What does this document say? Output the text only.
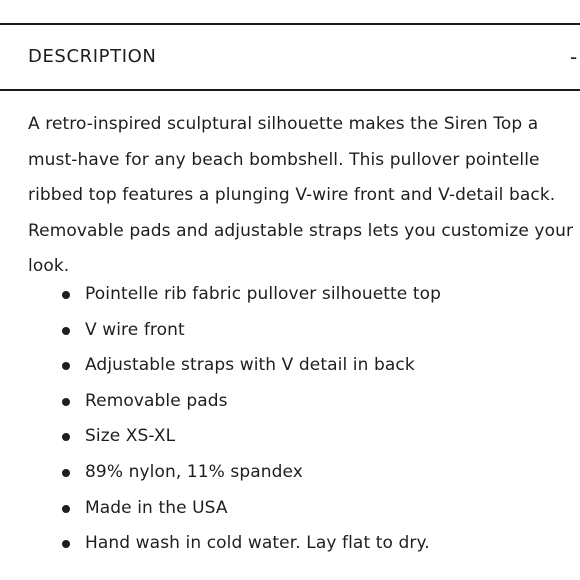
DESCRIPTION	-

A retro-inspired sculptural silhouette makes the Siren Top a must-have for any beach bombshell. This pullover pointelle ribbed top features a plunging V-wire front and V-detail back. Removable pads and adjustable straps lets you customize your look.

Pointelle rib fabric pullover silhouette top
V wire front
Adjustable straps with V detail in back
Removable pads
Size XS-XL
89% nylon, 11% spandex
Made in the USA
Hand wash in cold water. Lay flat to dry.
